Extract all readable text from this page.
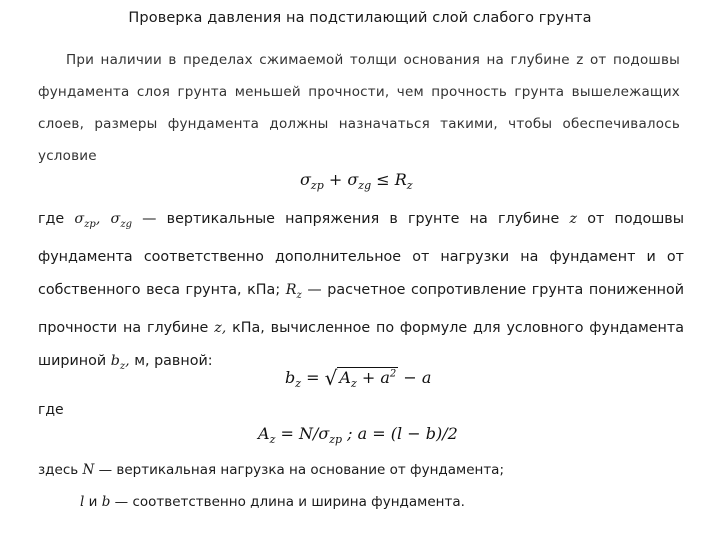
Проверка давления на подстилающий слой слабого грунта
При наличии в пределах сжимаемой толщи основания на глубине z от подошвы фундамента слоя грунта меньшей прочности, чем прочность грунта вышележащих слоев, размеры фундамента должны назначаться такими, чтобы обеспечивалось условие
$\sigma_{zp} + \sigma_{zg} \le R_z$
где $\sigma_{zp}$, $\sigma_{zg}$ — вертикальные напряжения в грунте на глубине z от подошвы фундамента соответственно дополнительное от нагрузки на фундамент и от собственного веса грунта, кПа; $R_z$ — расчетное сопротивление грунта пониженной прочности на глубине z, кПа, вычисленное по формуле для условного фундамента шириной $b_z$, м, равной:
$b_z$ = √ $A_z + a^2 - a$
где
$A_z = N/\sigma_{zp}$ ; a = (l − b)/2
здесь N — вертикальная нагрузка на основание от фундамента;
l и b — соответственно длина и ширина фундамента.
